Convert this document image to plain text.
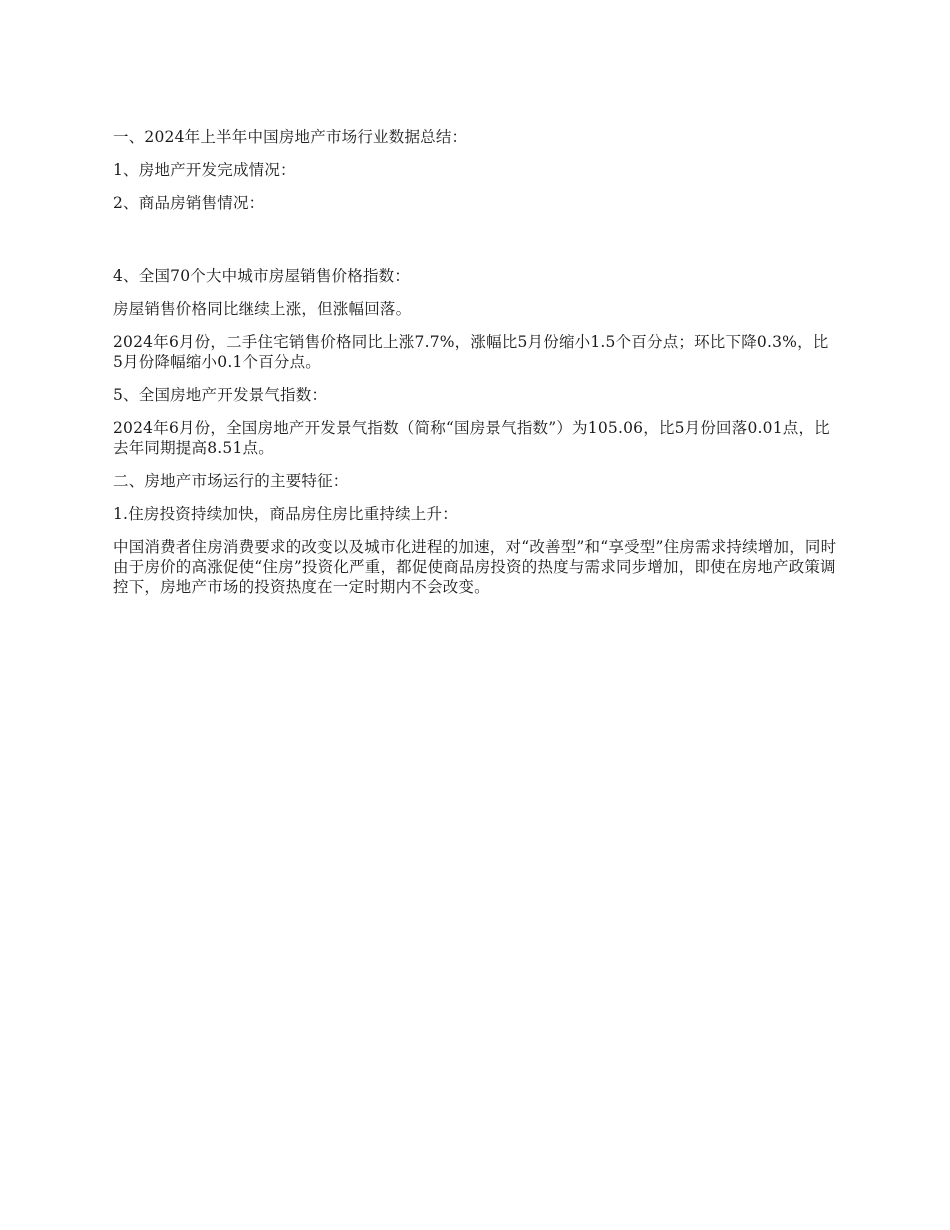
一、2024年上半年中国房地产市场行业数据总结：

1、房地产开发完成情况：

2、商品房销售情况：

4、全国70个大中城市房屋销售价格指数：

房屋销售价格同比继续上涨，但涨幅回落。

2024年6月份，二手住宅销售价格同比上涨7.7%，涨幅比5月份缩小1.5个百分点；环比下降0.3%，比5月份降幅缩小0.1个百分点。

5、全国房地产开发景气指数：

2024年6月份，全国房地产开发景气指数（简称“国房景气指数”）为105.06，比5月份回落0.01点，比去年同期提高8.51点。

二、房地产市场运行的主要特征：

1.住房投资持续加快，商品房住房比重持续上升：

中国消费者住房消费要求的改变以及城市化进程的加速，对“改善型”和“享受型”住房需求持续增加，同时由于房价的高涨促使“住房”投资化严重，都促使商品房投资的热度与需求同步增加，即使在房地产政策调控下，房地产市场的投资热度在一定时期内不会改变。
